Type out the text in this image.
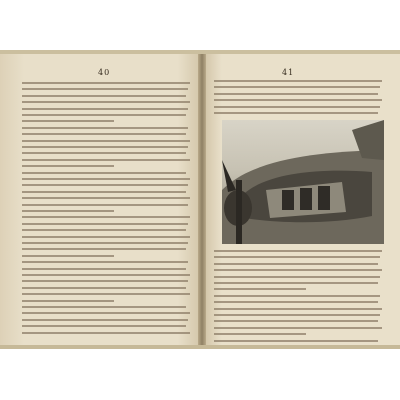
40	41
